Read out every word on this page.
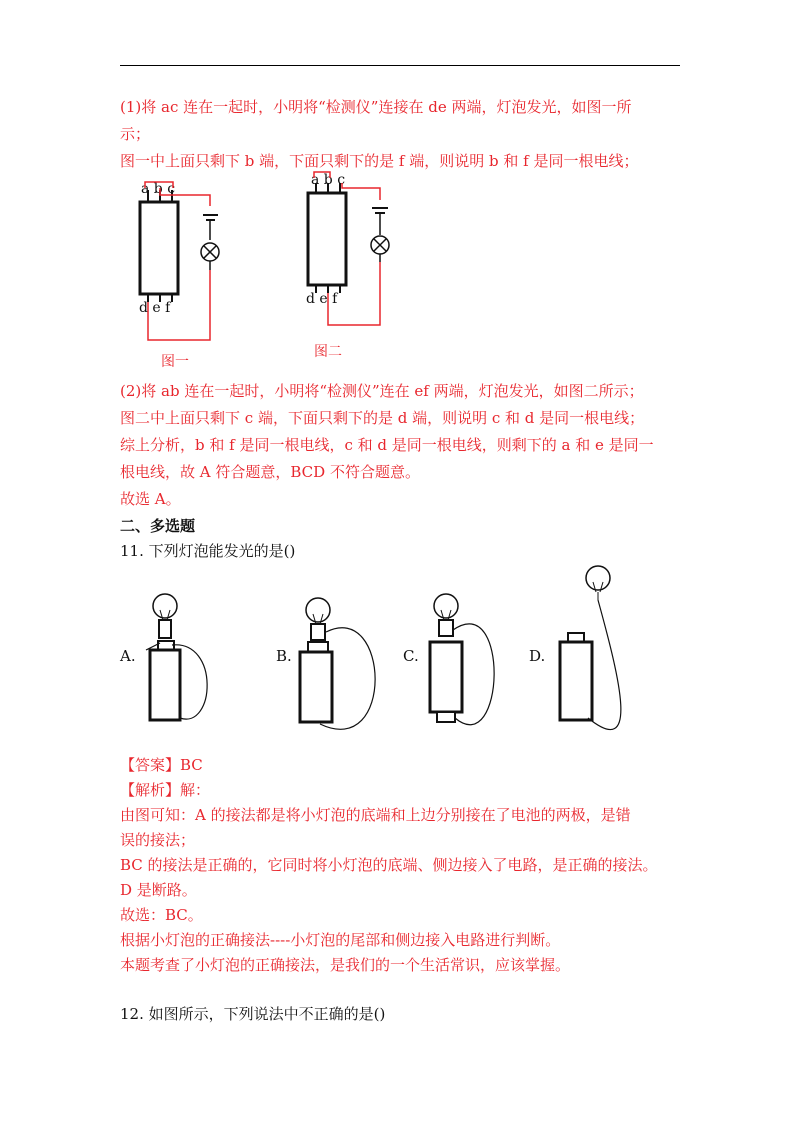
(1)将 ac 连在一起时，小明将“检测仪”连接在 de 两端，灯泡发光，如图一所
示；
图一中上面只剩下 b 端，下面只剩下的是 f 端，则说明 b 和 f 是同一根电线；
a b c
d e f
图一
a b c
d e f
图二
(2)将 ab 连在一起时，小明将“检测仪”连在 ef 两端，灯泡发光，如图二所示；
图二中上面只剩下 c 端，下面只剩下的是 d 端，则说明 c 和 d 是同一根电线；
综上分析，b 和 f 是同一根电线，c 和 d 是同一根电线，则剩下的 a 和 e 是同一
根电线，故 A 符合题意，BCD 不符合题意。
故选 A。
二、多选题
11. 下列灯泡能发光的是()
A.	B.	C.	D.
【答案】BC
【解析】解：
由图可知：A 的接法都是将小灯泡的底端和上边分别接在了电池的两极，是错
误的接法；
BC 的接法是正确的，它同时将小灯泡的底端、侧边接入了电路，是正确的接法。
D 是断路。
故选：BC。
根据小灯泡的正确接法----小灯泡的尾部和侧边接入电路进行判断。
本题考查了小灯泡的正确接法，是我们的一个生活常识，应该掌握。
12. 如图所示，下列说法中不正确的是()
